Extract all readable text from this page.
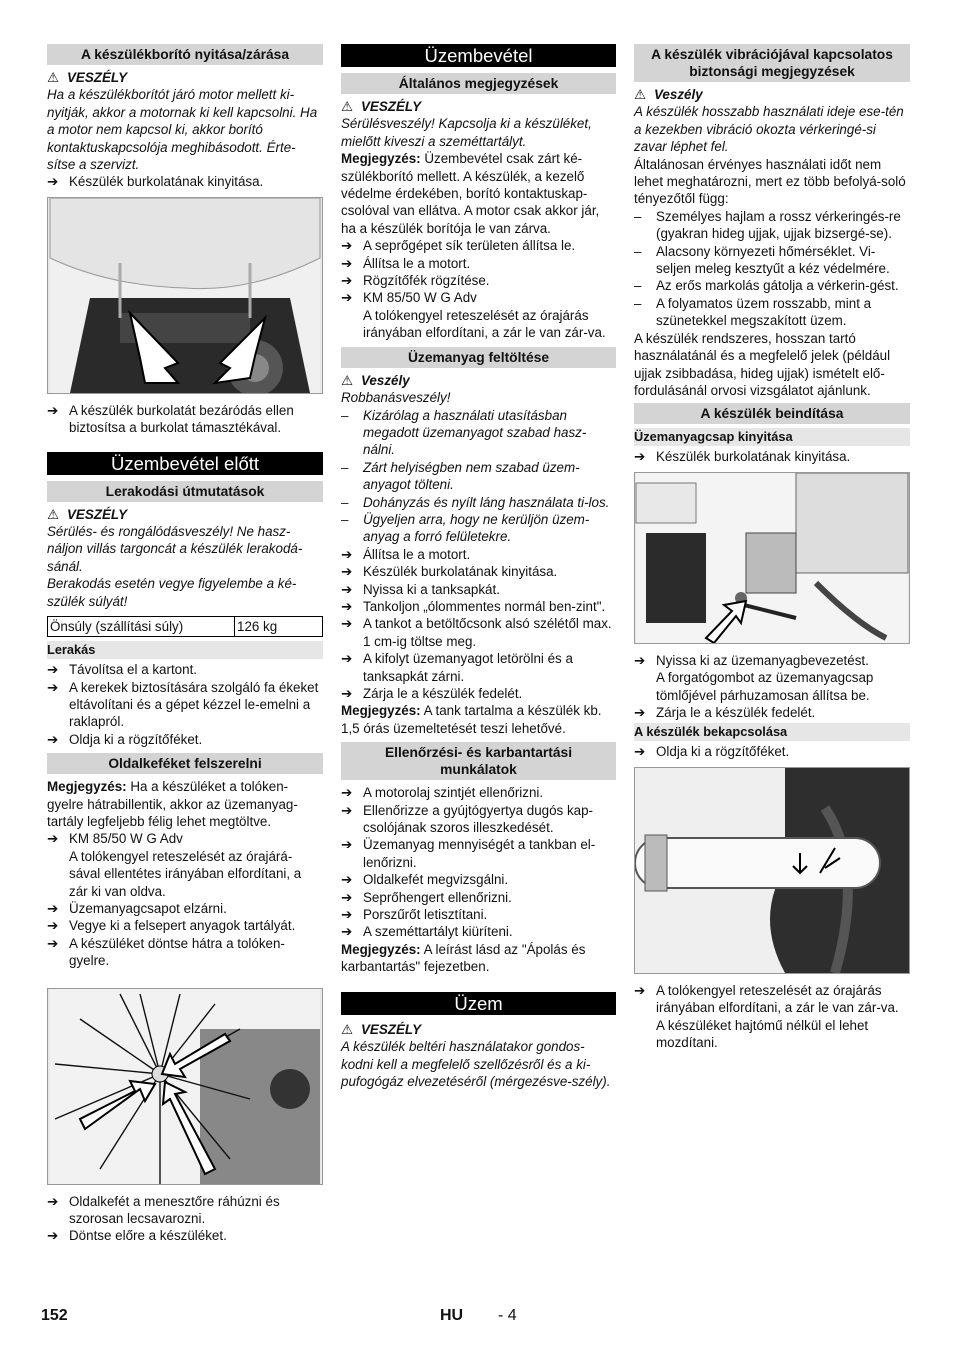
A készülékborító nyitása/zárása
⚠ VESZÉLY
Ha a készülékborítót járó motor mellett ki-nyitják, akkor a motornak ki kell kapcsolni. Ha a motor nem kapcsol ki, akkor borító kontaktuskapcsolója meghibásodott. Érte-sítse a szervizt.
➔ Készülék burkolatának kinyitása.
➔ A készülék burkolatát bezáródás ellen biztosítsa a burkolat támasztékával.
Üzembevétel előtt
Lerakodási útmutatások
⚠ VESZÉLY
Sérülés- és rongálódásveszély! Ne hasz-náljon villás targoncát a készülék lerakodá-sánál.
Berakodás esetén vegye figyelembe a ké-szülék súlyát!
Önsúly (szállítási súly)	126 kg
Lerakás
➔ Távolítsa el a kartont.
➔ A kerekek biztosítására szolgáló fa ékeket eltávolítani és a gépet kézzel le-emelni a raklapról.
➔ Oldja ki a rögzítőféket.
Oldalkeféket felszerelni
Megjegyzés: Ha a készüléket a tolóken-gyelre hátrabillentik, akkor az üzemanyag-tartály legfeljebb félig lehet megtöltve.
➔ KM 85/50 W G Adv
A tolókengyel reteszelését az órajárá-sával ellentétes irányában elfordítani, a zár ki van oldva.
➔ Üzemanyagcsapot elzárni.
➔ Vegye ki a felsepert anyagok tartályát.
➔ A készüléket döntse hátra a tolóken-gyelre.
➔ Oldalkefét a menesztőre ráhúzni és szorosan lecsavarozni.
➔ Döntse előre a készüléket.
Üzembevétel
Általános megjegyzések
⚠ VESZÉLY
Sérülésveszély! Kapcsolja ki a készüléket, mielőtt kiveszi a szeméttartályt.
Megjegyzés: Üzembevétel csak zárt ké-szülékborító mellett. A készülék, a kezelő védelme érdekében, borító kontaktuskap-csolóval van ellátva. A motor csak akkor jár, ha a készülék borítója le van zárva.
➔ A seprőgépet sík területen állítsa le.
➔ Állítsa le a motort.
➔ Rögzítőfék rögzítése.
➔ KM 85/50 W G Adv
A tolókengyel reteszelését az órajárás irányában elfordítani, a zár le van zár-va.
Üzemanyag feltöltése
⚠ Veszély
Robbanásveszély!
– Kizárólag a használati utasításban megadott üzemanyagot szabad hasz-nálni.
– Zárt helyiségben nem szabad üzem-anyagot tölteni.
– Dohányzás és nyílt láng használata ti-los.
– Ügyeljen arra, hogy ne kerüljön üzem-anyag a forró felületekre.
➔ Állítsa le a motort.
➔ Készülék burkolatának kinyitása.
➔ Nyissa ki a tanksapkát.
➔ Tankoljon „ólommentes normál ben-zint".
➔ A tankot a betöltőcsonk alsó szélétől max. 1 cm-ig töltse meg.
➔ A kifolyt üzemanyagot letörölni és a tanksapkát zárni.
➔ Zárja le a készülék fedelét.
Megjegyzés: A tank tartalma a készülék kb. 1,5 órás üzemeltetését teszi lehetővé.
Ellenőrzési- és karbantartási munkálatok
➔ A motorolaj szintjét ellenőrizni.
➔ Ellenőrizze a gyújtógyertya dugós kap-csolójának szoros illeszkedését.
➔ Üzemanyag mennyiségét a tankban el-lenőrizni.
➔ Oldalkefét megvizsgálni.
➔ Seprőhengert ellenőrizni.
➔ Porszűrőt letisztítani.
➔ A szeméttartályt kiüríteni.
Megjegyzés: A leírást lásd az "Ápolás és karbantartás" fejezetben.
Üzem
⚠ VESZÉLY
A készülék beltéri használatakor gondos-kodni kell a megfelelő szellőzésről és a ki-pufogógáz elvezetéséről (mérgezésve-szély).
A készülék vibrációjával kapcsolatos biztonsági megjegyzések
⚠ Veszély
A készülék hosszabb használati ideje ese-tén a kezekben vibráció okozta vérkeringé-si zavar léphet fel.
Általánosan érvényes használati időt nem lehet meghatározni, mert ez több befolyá-soló tényezőtől függ:
– Személyes hajlam a rossz vérkeringés-re (gyakran hideg ujjak, ujjak bizsergé-se).
– Alacsony környezeti hőmérséklet. Vi-seljen meleg kesztyűt a kéz védelmére.
– Az erős markolás gátolja a vérkerin-gést.
– A folyamatos üzem rosszabb, mint a szünetekkel megszakított üzem.
A készülék rendszeres, hosszan tartó használatánál és a megfelelő jelek (például ujjak zsibbadása, hideg ujjak) ismételt elő-fordulásánál orvosi vizsgálatot ajánlunk.
A készülék beindítása
Üzemanyagcsap kinyitása
➔ Készülék burkolatának kinyitása.
➔ Nyissa ki az üzemanyagbevezetést.
A forgatógombot az üzemanyagcsap tömlőjével párhuzamosan állítsa be.
➔ Zárja le a készülék fedelét.
A készülék bekapcsolása
➔ Oldja ki a rögzítőféket.
➔ A tolókengyel reteszelését az órajárás irányában elfordítani, a zár le van zár-va.
A készüléket hajtómű nélkül el lehet mozdítani.
152	HU - 4
